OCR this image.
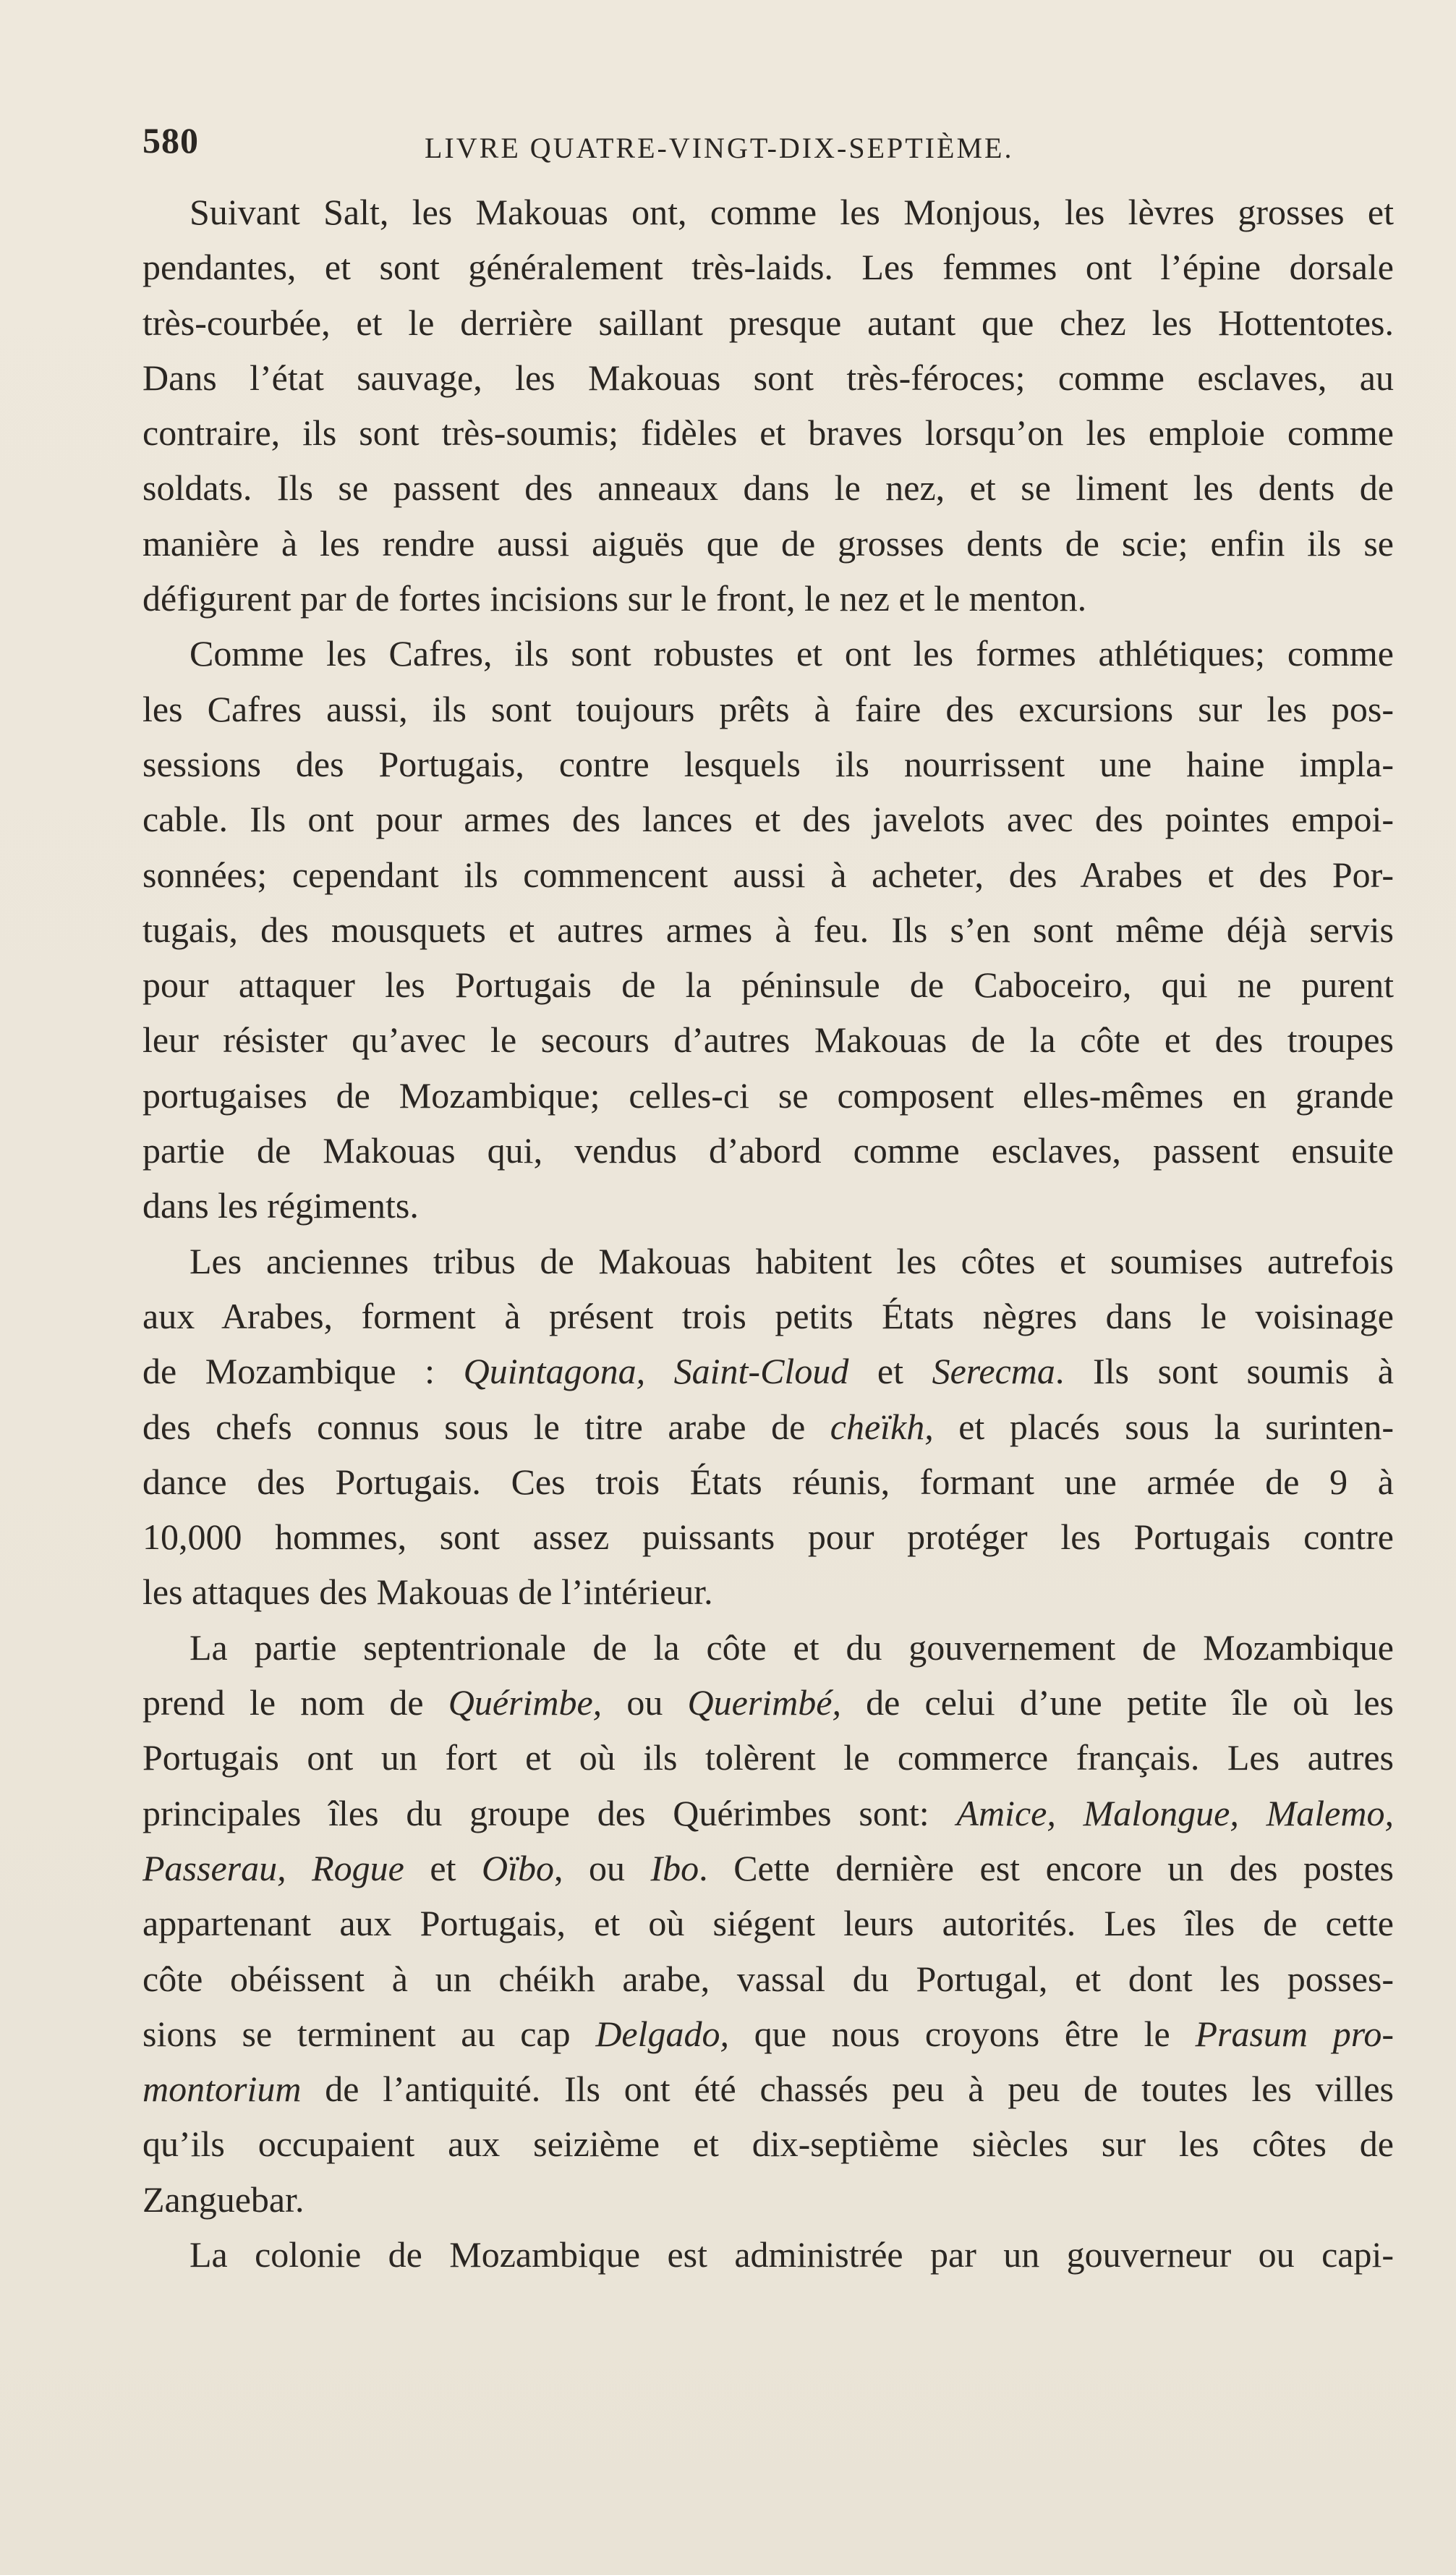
580	LIVRE QUATRE-VINGT-DIX-SEPTIÈME.
Suivant Salt, les Makouas ont, comme les Monjous, les lèvres grosses et
pendantes, et sont généralement très-laids. Les femmes ont l’épine dorsale
très-courbée, et le derrière saillant presque autant que chez les Hottentotes.
Dans l’état sauvage, les Makouas sont très-féroces; comme esclaves, au
contraire, ils sont très-soumis; fidèles et braves lorsqu’on les emploie comme
soldats. Ils se passent des anneaux dans le nez, et se liment les dents de
manière à les rendre aussi aiguës que de grosses dents de scie; enfin ils se
défigurent par de fortes incisions sur le front, le nez et le menton.
Comme les Cafres, ils sont robustes et ont les formes athlétiques; comme
les Cafres aussi, ils sont toujours prêts à faire des excursions sur les pos-
sessions des Portugais, contre lesquels ils nourrissent une haine impla-
cable. Ils ont pour armes des lances et des javelots avec des pointes empoi-
sonnées; cependant ils commencent aussi à acheter, des Arabes et des Por-
tugais, des mousquets et autres armes à feu. Ils s’en sont même déjà servis
pour attaquer les Portugais de la péninsule de Caboceiro, qui ne purent
leur résister qu’avec le secours d’autres Makouas de la côte et des troupes
portugaises de Mozambique; celles-ci se composent elles-mêmes en grande
partie de Makouas qui, vendus d’abord comme esclaves, passent ensuite
dans les régiments.
Les anciennes tribus de Makouas habitent les côtes et soumises autrefois
aux Arabes, forment à présent trois petits États nègres dans le voisinage
de Mozambique : Quintagona, Saint-Cloud et Serecma. Ils sont soumis à
des chefs connus sous le titre arabe de cheïkh, et placés sous la surinten-
dance des Portugais. Ces trois États réunis, formant une armée de 9 à
10,000 hommes, sont assez puissants pour protéger les Portugais contre
les attaques des Makouas de l’intérieur.
La partie septentrionale de la côte et du gouvernement de Mozambique
prend le nom de Quérimbe, ou Querimbé, de celui d’une petite île où les
Portugais ont un fort et où ils tolèrent le commerce français. Les autres
principales îles du groupe des Quérimbes sont: Amice, Malongue, Malemo,
Passerau, Rogue et Oïbo, ou Ibo. Cette dernière est encore un des postes
appartenant aux Portugais, et où siégent leurs autorités. Les îles de cette
côte obéissent à un chéikh arabe, vassal du Portugal, et dont les posses-
sions se terminent au cap Delgado, que nous croyons être le Prasum pro-
montorium de l’antiquité. Ils ont été chassés peu à peu de toutes les villes
qu’ils occupaient aux seizième et dix-septième siècles sur les côtes de
Zanguebar.
La colonie de Mozambique est administrée par un gouverneur ou capi-
